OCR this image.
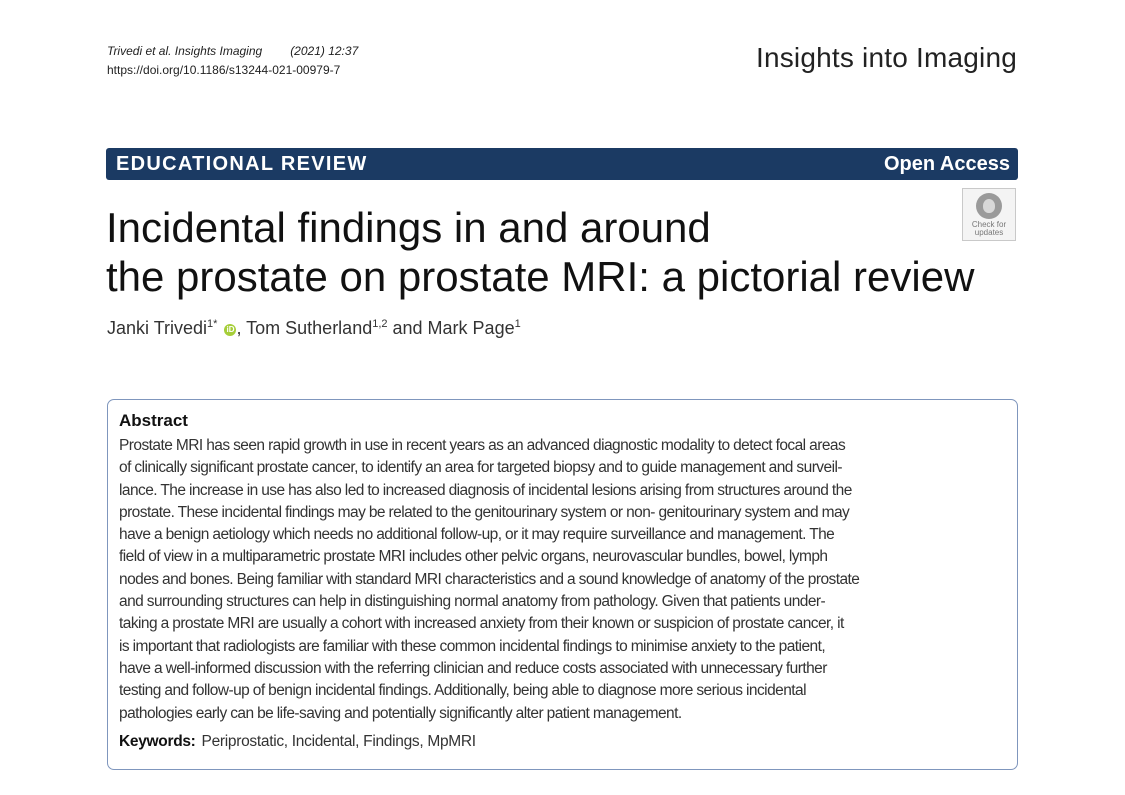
Trivedi et al. Insights Imaging (2021) 12:37
https://doi.org/10.1186/s13244-021-00979-7	Insights into Imaging
EDUCATIONAL REVIEW	Open Access
Check for updates
Incidental findings in and around
the prostate on prostate MRI: a pictorial review
Janki Trivedi$^{1*}$ iD , Tom Sutherland$^{1,2}$ and Mark Page$^1$
Abstract

Prostate MRI has seen rapid growth in use in recent years as an advanced diagnostic modality to detect focal areas
of clinically significant prostate cancer, to identify an area for targeted biopsy and to guide management and surveil-
lance. The increase in use has also led to increased diagnosis of incidental lesions arising from structures around the
prostate. These incidental findings may be related to the genitourinary system or non- genitourinary system and may
have a benign aetiology which needs no additional follow-up, or it may require surveillance and management. The
field of view in a multiparametric prostate MRI includes other pelvic organs, neurovascular bundles, bowel, lymph
nodes and bones. Being familiar with standard MRI characteristics and a sound knowledge of anatomy of the prostate
and surrounding structures can help in distinguishing normal anatomy from pathology. Given that patients under-
taking a prostate MRI are usually a cohort with increased anxiety from their known or suspicion of prostate cancer, it
is important that radiologists are familiar with these common incidental findings to minimise anxiety to the patient,
have a well-informed discussion with the referring clinician and reduce costs associated with unnecessary further
testing and follow-up of benign incidental findings. Additionally, being able to diagnose more serious incidental
pathologies early can be life-saving and potentially significantly alter patient management.

Keywords: Periprostatic, Incidental, Findings, MpMRI
